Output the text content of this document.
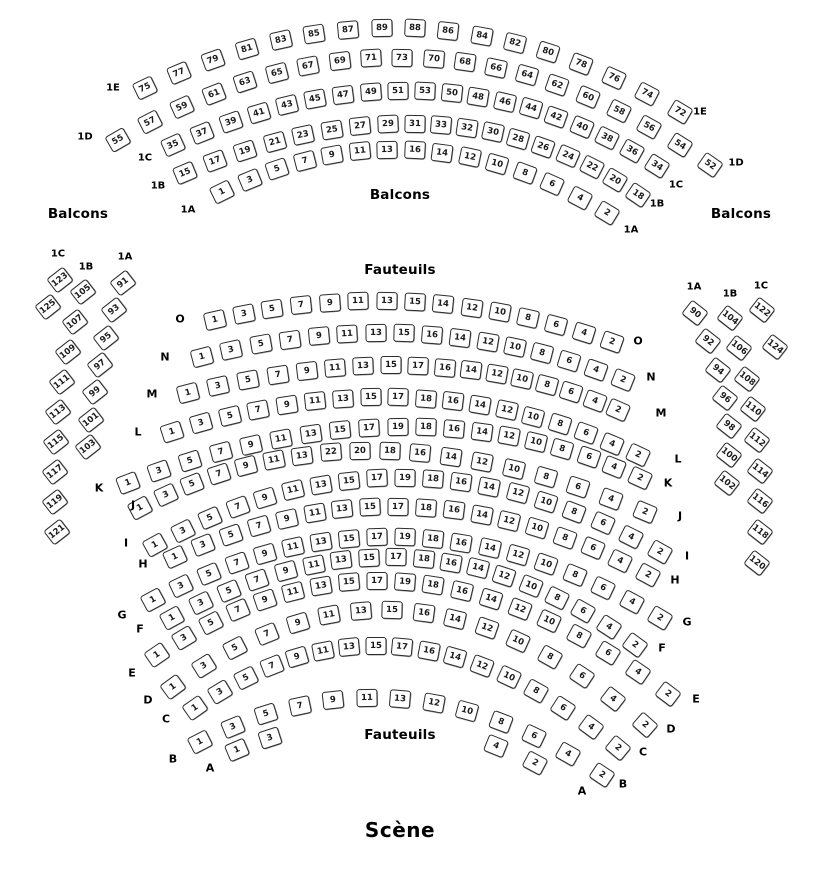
Balcons
Balcons
Balcons
Fauteuils
Fauteuils
Scène
75
77
79
81
83
85	87	89	88	86	84
82
80
78
76
74
72
1E
1E
55
57
59
61
63
65
67	69	71	73	70	68	66
64
62
60
58
56
54
52
1D
1D
35
37
39
41
43	45	47	49	51	53	50	48	46
44
42
40
38
36
34
1C
1C
15
17
19
21
23	25	27	29	31	33	32	30	28
26
24
22
20
18
1B
1B
1
3
5
7
9	11	13	16	14	12
10
8
6
4
2
1A
1A
1
3	5	7	9	11	13	15	14	12	10	8
6
4
2
O
O
1
3
5	7	9	11	13	15	16	14	12	10
8
6
4
2
N
N
1
3
5	7	9	11	13	15	17	16	14	12	10	8
6
4
2
M
M
1
3
5
7	9	11	13	15	17	18	16	14	12
10
8
6
4
2
L
L
1
3
5
7
9
11	13	15	17	19	18	16	14	12	10
8
6
4
2
K	K
1
3
5
7
9
11	13	22	20	18	16	14	12
10
8
6
4
2
J
J
1
3
5
7
9
11	13	15	17	19	18	16	14
12
10
8
6
4
2
I
I
1
3
5
7
9	11	13	15	17	18	16	14	12
10
8
6
4
2
H
H
1
3
5
7
9
11	13	15	17	19	18	16	14
12
10
8
6
4
2
G
G
1
3
5
7
9
11	13	15	17	18	16	14
12
10
8
6
4
2
F
F
1
3
5
7
9
11	13	15	17	19	18	16
14
12
10
8
6
4
2
E
E
1
3
5
7
9
11	13	15	16	14
12
10
8
6
4
2
D
D
1
3
5
7
9
11	13	15	17	16	14
12
10
8
6
4
2
C
C
1
3
5
7
9	11	13	12
10
8
6
4
2
B
B
1
3
4
2
A
A
123
125
1C
105
107
109
111
113
115
117
119
121
1B
91
93
95
97
99
101
103
1A
90
92
94
96
98
100
102
1A
104
106
108
110
112
114
116
118
120
1B
122
124
1C
